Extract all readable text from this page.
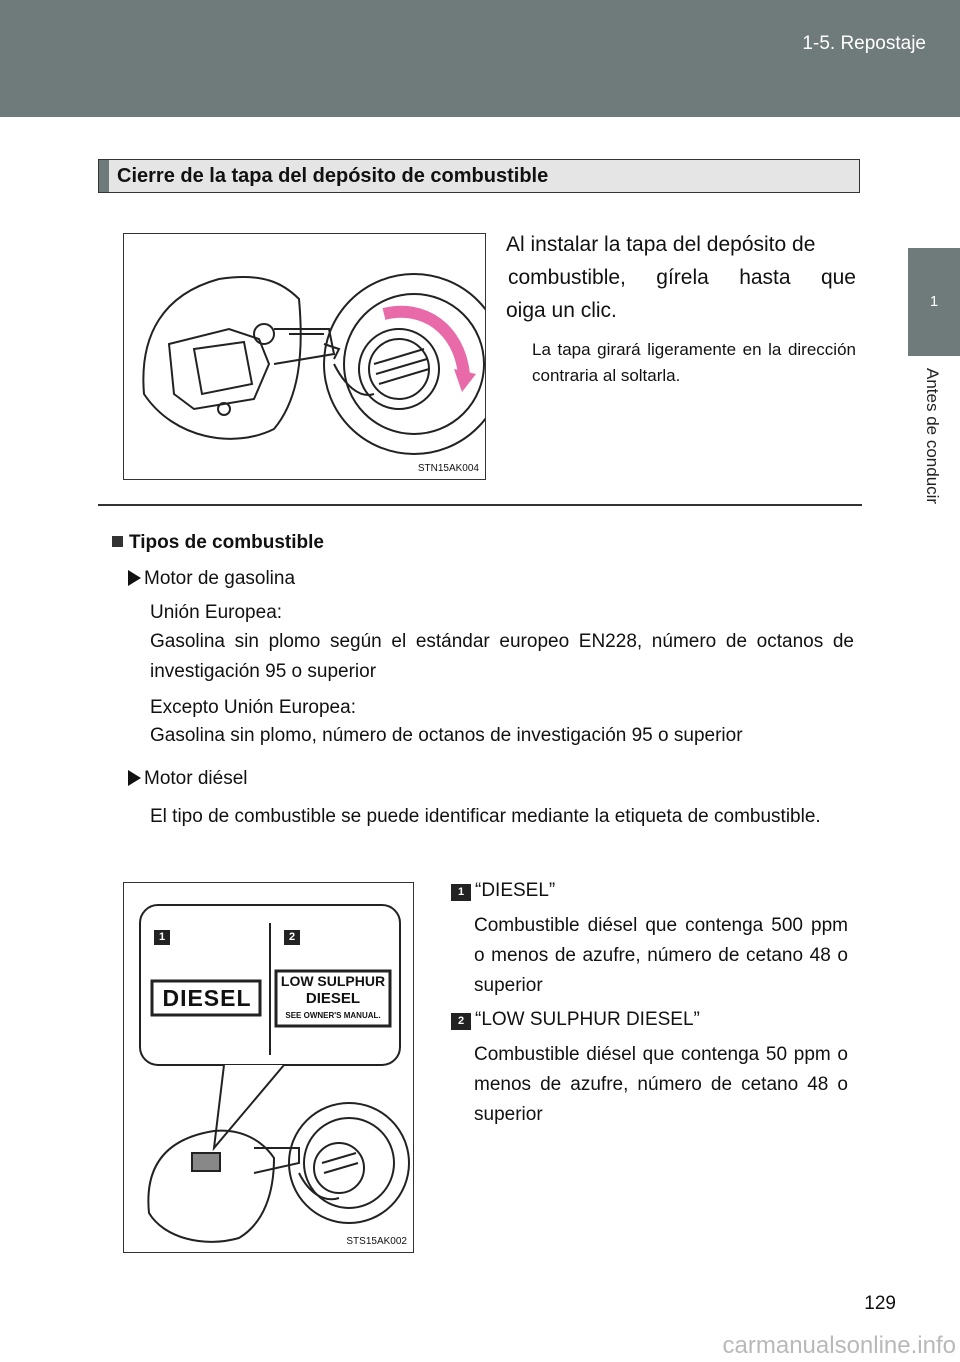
1-5. Repostaje
1
Antes de conducir
Cierre de la tapa del depósito de combustible
STN15AK004
Al instalar la tapa del depósito de
combustible, gírela hasta que
oiga un clic.
La tapa girará ligeramente en la dirección contraria al soltarla.
Tipos de combustible
Motor de gasolina
Unión Europea:
Gasolina sin plomo según el estándar europeo EN228, número de octanos de investigación 95 o superior
Excepto Unión Europea:
Gasolina sin plomo, número de octanos de investigación 95 o superior
Motor diésel
El tipo de combustible se puede identificar mediante la etiqueta de combustible.
STS15AK002
1	2
DIESEL
LOW SULPHUR
DIESEL
SEE OWNER'S MANUAL.
1 “DIESEL”
Combustible diésel que contenga 500 ppm o menos de azufre, número de cetano 48 o superior
2 “LOW SULPHUR DIESEL”
Combustible diésel que contenga 50 ppm o menos de azufre, número de cetano 48 o superior
129
carmanualsonline.info
